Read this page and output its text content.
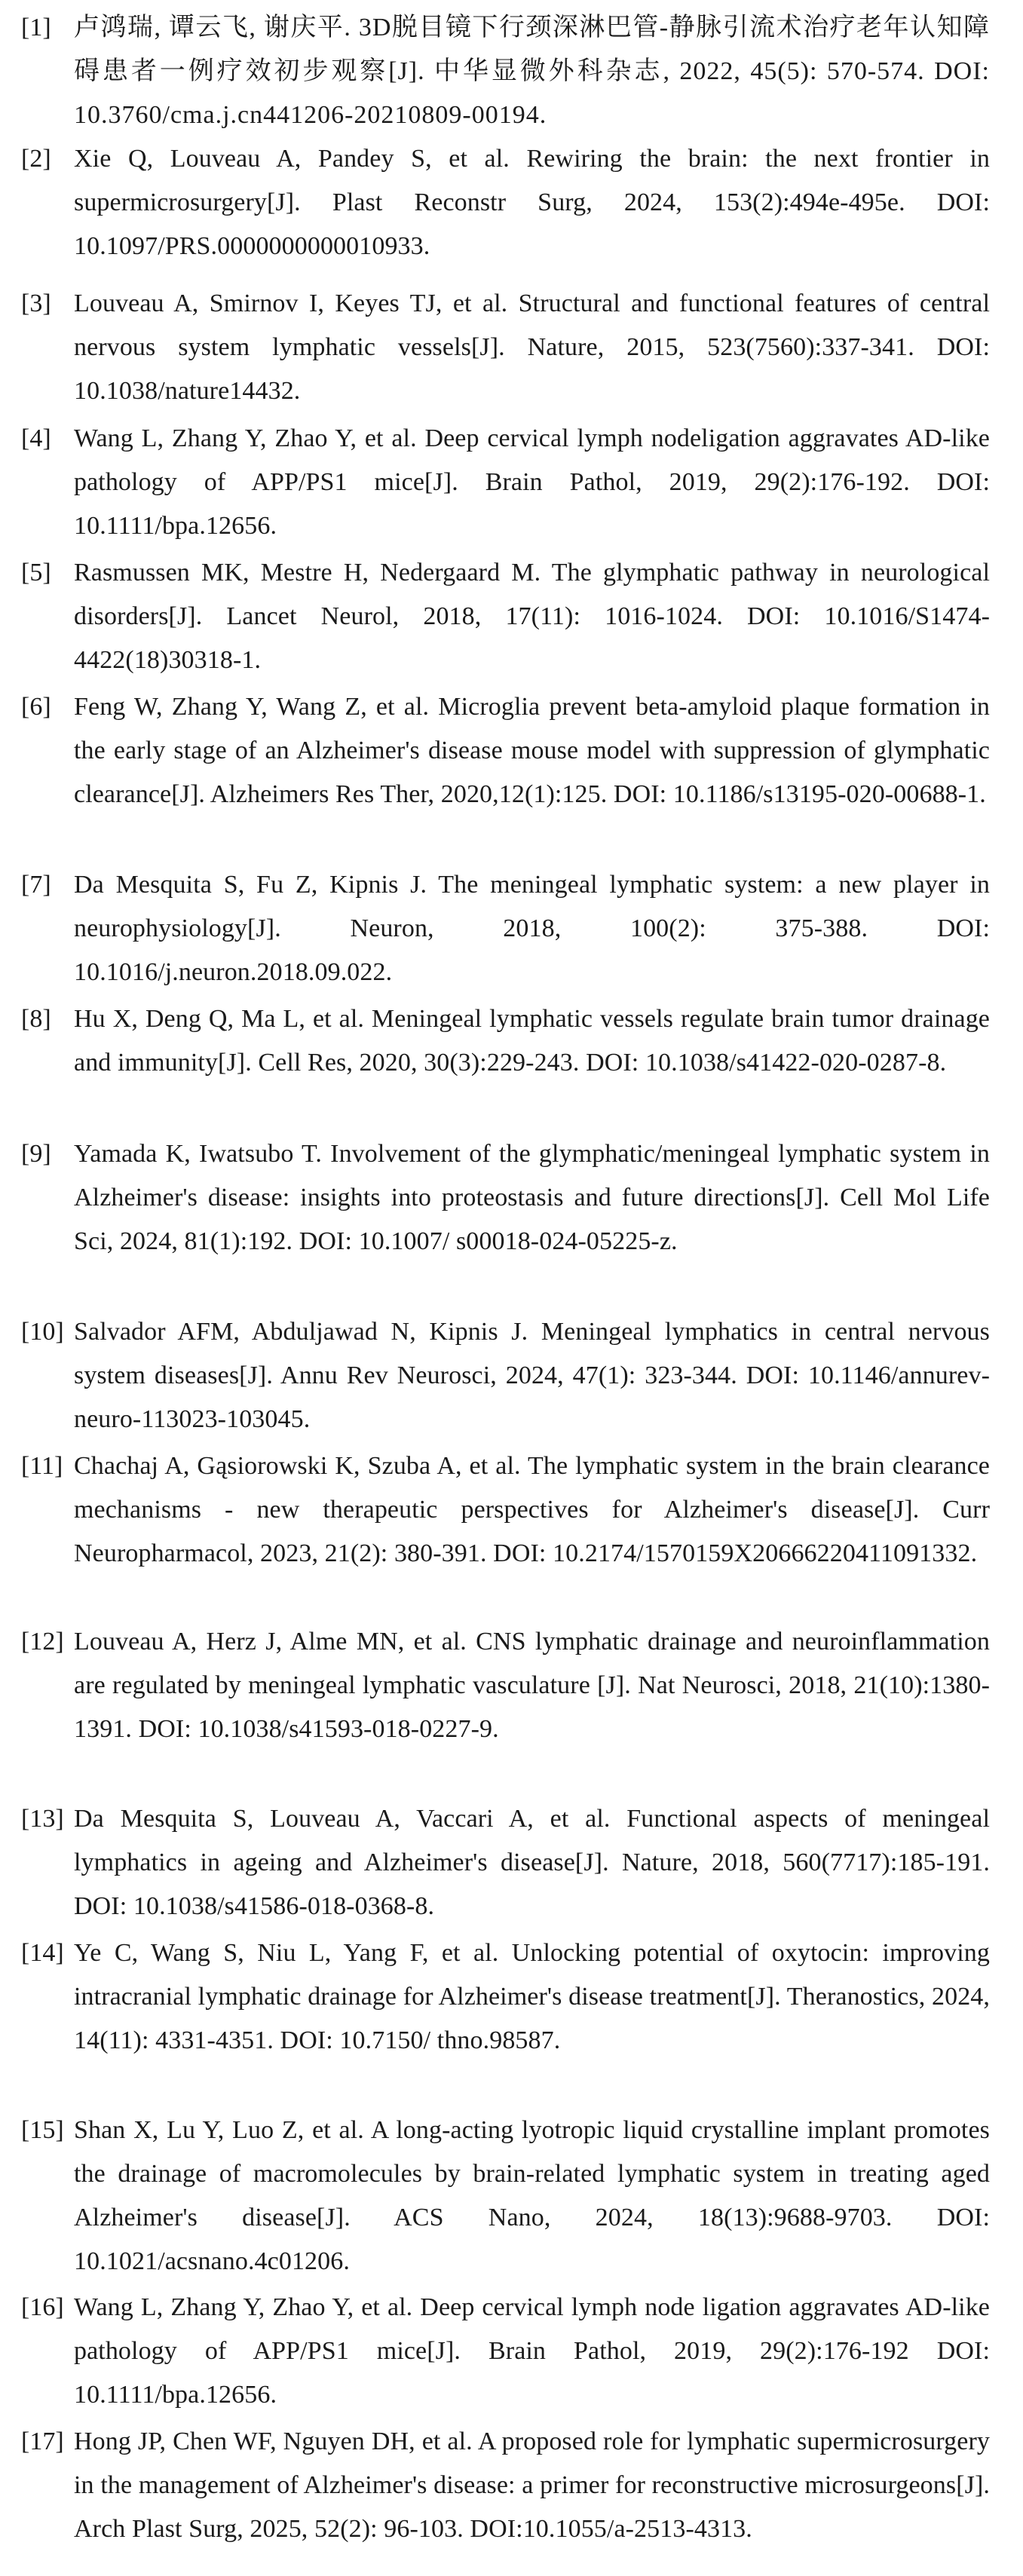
[1] 卢鸿瑞, 谭云飞, 谢庆平. 3D脱目镜下行颈深淋巴管-静脉引流术治疗老年认知障碍患者一例疗效初步观察[J]. 中华显微外科杂志, 2022, 45(5): 570-574. DOI: 10.3760/cma.j.cn441206-20210809-00194.
[2] Xie Q, Louveau A, Pandey S, et al. Rewiring the brain: the next frontier in supermicrosurgery[J]. Plast Reconstr Surg, 2024, 153(2):494e-495e. DOI: 10.1097/PRS.0000000000010933.
[3] Louveau A, Smirnov I, Keyes TJ, et al. Structural and functional features of central nervous system lymphatic vessels[J]. Nature, 2015, 523(7560):337-341. DOI: 10.1038/nature14432.
[4] Wang L, Zhang Y, Zhao Y, et al. Deep cervical lymph nodeligation aggravates AD-like pathology of APP/PS1 mice[J]. Brain Pathol, 2019, 29(2):176-192. DOI: 10.1111/bpa.12656.
[5] Rasmussen MK, Mestre H, Nedergaard M. The glymphatic pathway in neurological disorders[J]. Lancet Neurol, 2018, 17(11): 1016-1024. DOI: 10.1016/S1474-4422(18)30318-1.
[6] Feng W, Zhang Y, Wang Z, et al. Microglia prevent beta-amyloid plaque formation in the early stage of an Alzheimer's disease mouse model with suppression of glymphatic clearance[J]. Alzheimers Res Ther, 2020,12(1):125. DOI: 10.1186/s13195-020-00688-1.
[7] Da Mesquita S, Fu Z, Kipnis J. The meningeal lymphatic system: a new player in neurophysiology[J]. Neuron, 2018, 100(2): 375-388. DOI: 10.1016/j.neuron.2018.09.022.
[8] Hu X, Deng Q, Ma L, et al. Meningeal lymphatic vessels regulate brain tumor drainage and immunity[J]. Cell Res, 2020, 30(3):229-243. DOI: 10.1038/s41422-020-0287-8.
[9] Yamada K, Iwatsubo T. Involvement of the glymphatic/meningeal lymphatic system in Alzheimer's disease: insights into proteostasis and future directions[J]. Cell Mol Life Sci, 2024, 81(1):192. DOI: 10.1007/ s00018-024-05225-z.
[10] Salvador AFM, Abduljawad N, Kipnis J. Meningeal lymphatics in central nervous system diseases[J]. Annu Rev Neurosci, 2024, 47(1): 323-344. DOI: 10.1146/annurev-neuro-113023-103045.
[11] Chachaj A, Gąsiorowski K, Szuba A, et al. The lymphatic system in the brain clearance mechanisms - new therapeutic perspectives for Alzheimer's disease[J]. Curr Neuropharmacol, 2023, 21(2): 380-391. DOI: 10.2174/1570159X20666220411091332.
[12] Louveau A, Herz J, Alme MN, et al. CNS lymphatic drainage and neuroinflammation are regulated by meningeal lymphatic vasculature [J]. Nat Neurosci, 2018, 21(10):1380-1391. DOI: 10.1038/s41593-018-0227-9.
[13] Da Mesquita S, Louveau A, Vaccari A, et al. Functional aspects of meningeal lymphatics in ageing and Alzheimer's disease[J]. Nature, 2018, 560(7717):185-191. DOI: 10.1038/s41586-018-0368-8.
[14] Ye C, Wang S, Niu L, Yang F, et al. Unlocking potential of oxytocin: improving intracranial lymphatic drainage for Alzheimer's disease treatment[J]. Theranostics, 2024, 14(11): 4331-4351. DOI: 10.7150/ thno.98587.
[15] Shan X, Lu Y, Luo Z, et al. A long-acting lyotropic liquid crystalline implant promotes the drainage of macromolecules by brain-related lymphatic system in treating aged Alzheimer's disease[J]. ACS Nano, 2024, 18(13):9688-9703. DOI: 10.1021/acsnano.4c01206.
[16] Wang L, Zhang Y, Zhao Y, et al. Deep cervical lymph node ligation aggravates AD-like pathology of APP/PS1 mice[J]. Brain Pathol, 2019, 29(2):176-192 DOI: 10.1111/bpa.12656.
[17] Hong JP, Chen WF, Nguyen DH, et al. A proposed role for lymphatic supermicrosurgery in the management of Alzheimer's disease: a primer for reconstructive microsurgeons[J]. Arch Plast Surg, 2025, 52(2): 96-103. DOI:10.1055/a-2513-4313.
